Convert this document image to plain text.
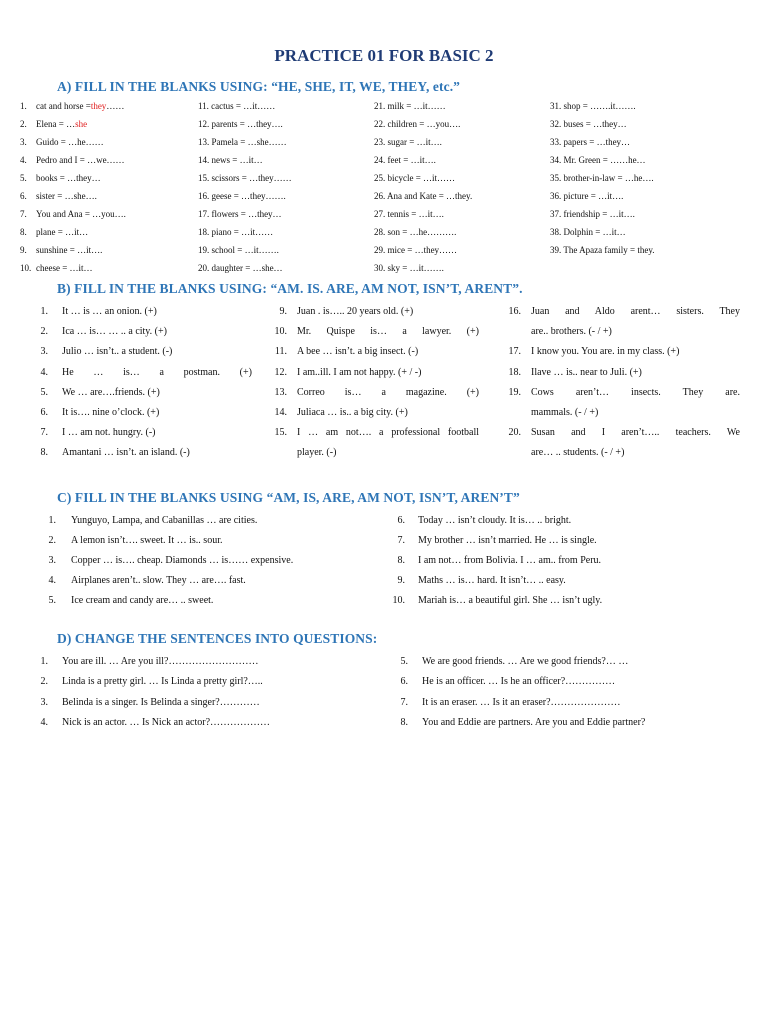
PRACTICE 01 FOR BASIC 2
A) FILL IN THE BLANKS USING: “HE, SHE, IT, WE, THEY, etc.”
1. cat and horse =they……
2. Elena = …she
3. Guido = …he……
4. Pedro and I = …we……
5. books = …they…
6. sister = …she….
7. You and Ana = …you….
8. plane = …it…
9. sunshine = …it….
10. cheese = …it…
11. cactus = …it……
12. parents = …they….
13. Pamela = …she……
14. news = …it…
15. scissors = …they……
16. geese = …they…….
17. flowers = …they…
18. piano = …it……
19. school = …it…….
20. daughter = …she…
21. milk = …it……
22. children = …you….
23. sugar = …it….
24. feet = …it….
25. bicycle = …it……
26. Ana and Kate = …they.
27. tennis = …it….
28. son = …he……….
29. mice = …they……
30. sky = …it…….
31. shop = …….it…….
32. buses = …they…
33. papers = …they…
34. Mr. Green = ……he…
35. brother-in-law = …he….
36. picture = …it….
37. friendship = …it….
38. Dolphin = …it…
39. The Apaza family = they.
B) FILL IN THE BLANKS USING: “AM. IS. ARE, AM NOT, ISN’T, ARENT”.
1. It … is … an onion. (+)
2. Ica … is… … .. a city. (+)
3. Julio … isn’t.. a student. (-)
4. He … is… a postman. (+)
5. We … are….friends. (+)
6. It is…. nine o’clock. (+)
7. I … am not. hungry. (-)
8. Amantani … isn’t. an island. (-)
9. Juan . is….. 20 years old. (+)
10. Mr. Quispe is… a lawyer. (+)
11. A bee … isn’t. a big insect. (-)
12. I am..ill. I am not happy. (+ / -)
13. Correo is… a magazine. (+)
14. Juliaca … is.. a big city. (+)
15. I … am not…. a professional football
player. (-)
16. Juan and Aldo arent… sisters. They
are.. brothers. (- / +)
17. I know you. You are. in my class. (+)
18. Ilave … is.. near to Juli. (+)
19. Cows aren’t… insects. They are.
mammals. (- / +)
20. Susan and I aren’t….. teachers. We
are… .. students. (- / +)
C) FILL IN THE BLANKS USING “AM, IS, ARE, AM NOT, ISN’T, AREN’T”
1. Yunguyo, Lampa, and Cabanillas … are cities.
2. A lemon isn’t…. sweet. It … is.. sour.
3. Copper … is…. cheap. Diamonds … is…… expensive.
4. Airplanes aren’t.. slow. They … are…. fast.
5. Ice cream and candy are… .. sweet.
6. Today … isn’t cloudy. It is… .. bright.
7. My brother … isn’t married. He … is single.
8. I am not… from Bolivia. I … am.. from Peru.
9. Maths … is… hard. It isn’t… .. easy.
10. Mariah is… a beautiful girl. She … isn’t ugly.
D) CHANGE THE SENTENCES INTO QUESTIONS:
1. You are ill. … Are you ill?………………………
2. Linda is a pretty girl. … Is Linda a pretty girl?…..
3. Belinda is a singer. Is Belinda a singer?…………
4. Nick is an actor. … Is Nick an actor?………………
5. We are good friends. … Are we good friends?… …
6. He is an officer. … Is he an officer?……………
7. It is an eraser. … Is it an eraser?…………………
8. You and Eddie are partners. Are you and Eddie partner?
